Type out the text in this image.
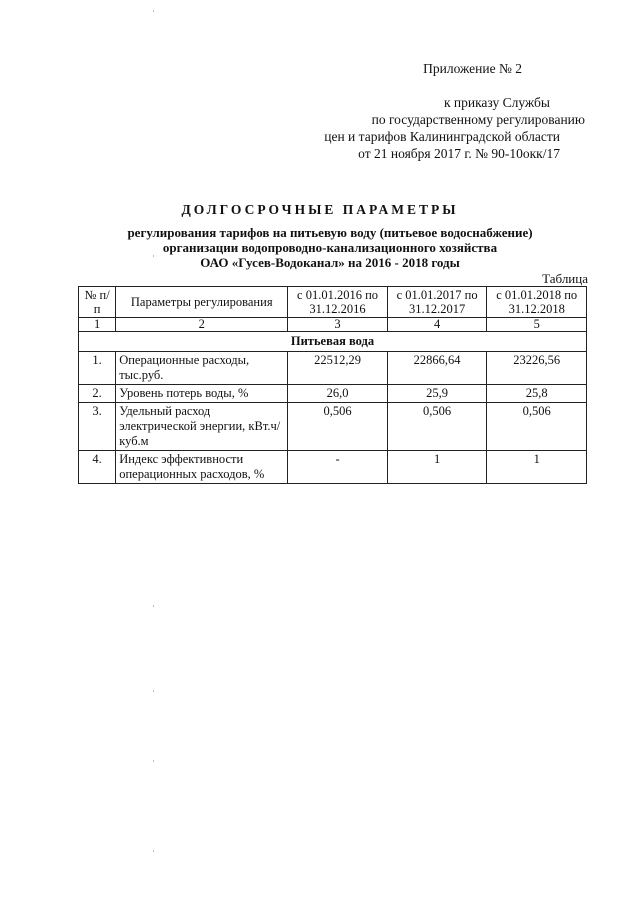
Приложение № 2
к приказу Службы
по государственному регулированию
цен и тарифов Калининградской области
от 21 ноября 2017 г. № 90-10окк/17
ДОЛГОСРОЧНЫЕ ПАРАМЕТРЫ
регулирования тарифов на питьевую воду (питьевое водоснабжение)
организации водопроводно-канализационного хозяйства
ОАО «Гусев-Водоканал» на 2016 - 2018 годы
Таблица
№ п/п	Параметры регулирования	с 01.01.2016 по 31.12.2016	с 01.01.2017 по 31.12.2017	с 01.01.2018 по 31.12.2018
1	2	3	4	5
Питьевая вода				
1.	Операционные расходы, тыс.руб.	22512,29	22866,64	23226,56
2.	Уровень потерь воды, %	26,0	25,9	25,8
3.	Удельный расход электрической энергии, кВт.ч/куб.м	0,506	0,506	0,506
4.	Индекс эффективности операционных расходов, %	-	1	1
